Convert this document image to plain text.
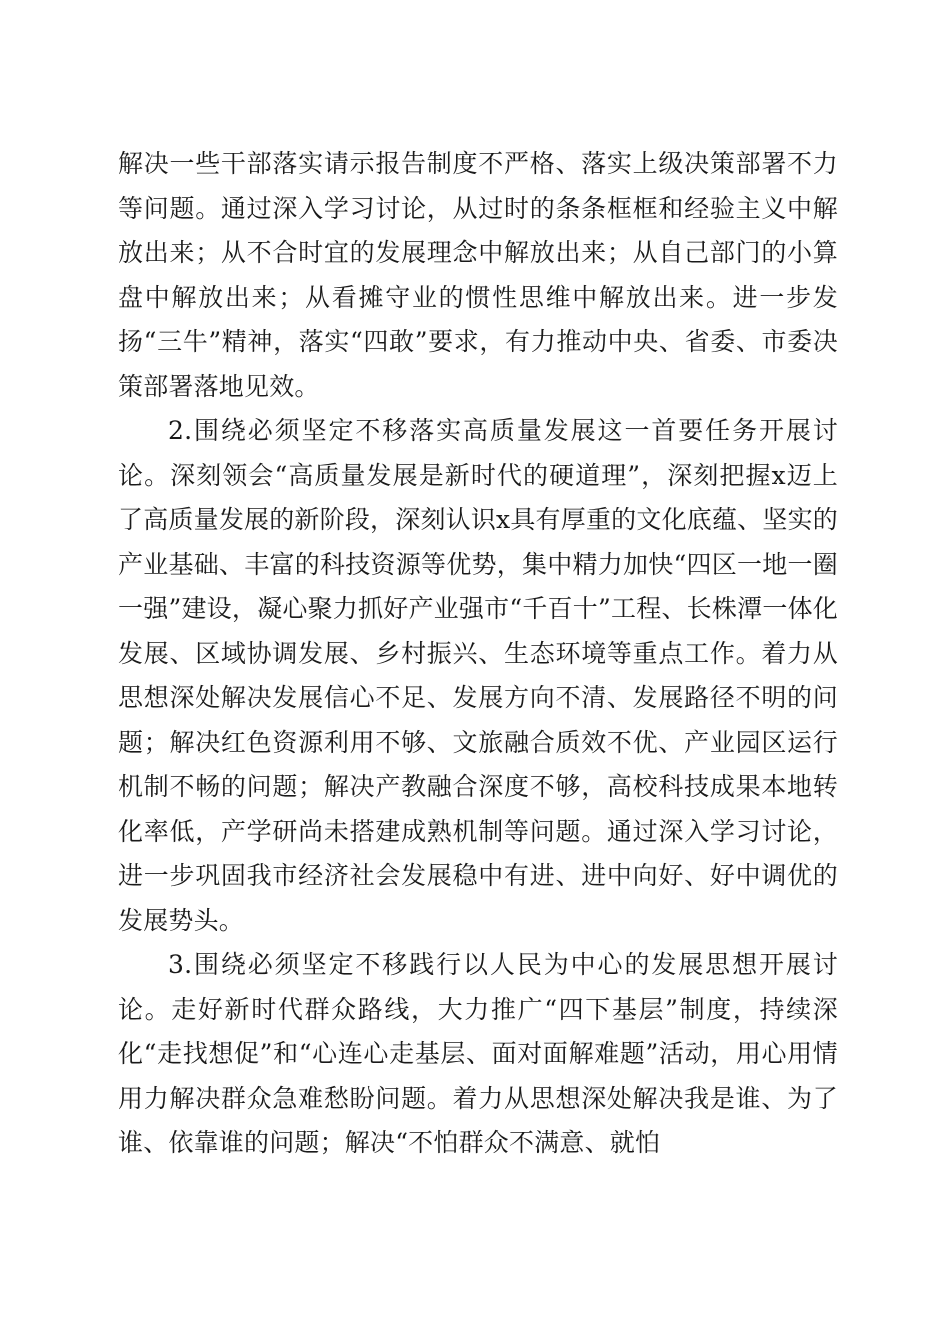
解决一些干部落实请示报告制度不严格、落实上级决策部署不力等问题。通过深入学习讨论，从过时的条条框框和经验主义中解放出来；从不合时宜的发展理念中解放出来；从自己部门的小算盘中解放出来；从看摊守业的惯性思维中解放出来。进一步发扬“三牛”精神，落实“四敢”要求，有力推动中央、省委、市委决策部署落地见效。

2.围绕必须坚定不移落实高质量发展这一首要任务开展讨论。深刻领会“高质量发展是新时代的硬道理”，深刻把握x迈上了高质量发展的新阶段，深刻认识x具有厚重的文化底蕴、坚实的产业基础、丰富的科技资源等优势，集中精力加快“四区一地一圈一强”建设，凝心聚力抓好产业强市“千百十”工程、长株潭一体化发展、区域协调发展、乡村振兴、生态环境等重点工作。着力从思想深处解决发展信心不足、发展方向不清、发展路径不明的问题；解决红色资源利用不够、文旅融合质效不优、产业园区运行机制不畅的问题；解决产教融合深度不够，高校科技成果本地转化率低，产学研尚未搭建成熟机制等问题。通过深入学习讨论，进一步巩固我市经济社会发展稳中有进、进中向好、好中调优的发展势头。

3.围绕必须坚定不移践行以人民为中心的发展思想开展讨论。走好新时代群众路线，大力推广“四下基层”制度，持续深化“走找想促”和“心连心走基层、面对面解难题”活动，用心用情用力解决群众急难愁盼问题。着力从思想深处解决我是谁、为了谁、依靠谁的问题；解决“不怕群众不满意、就怕
